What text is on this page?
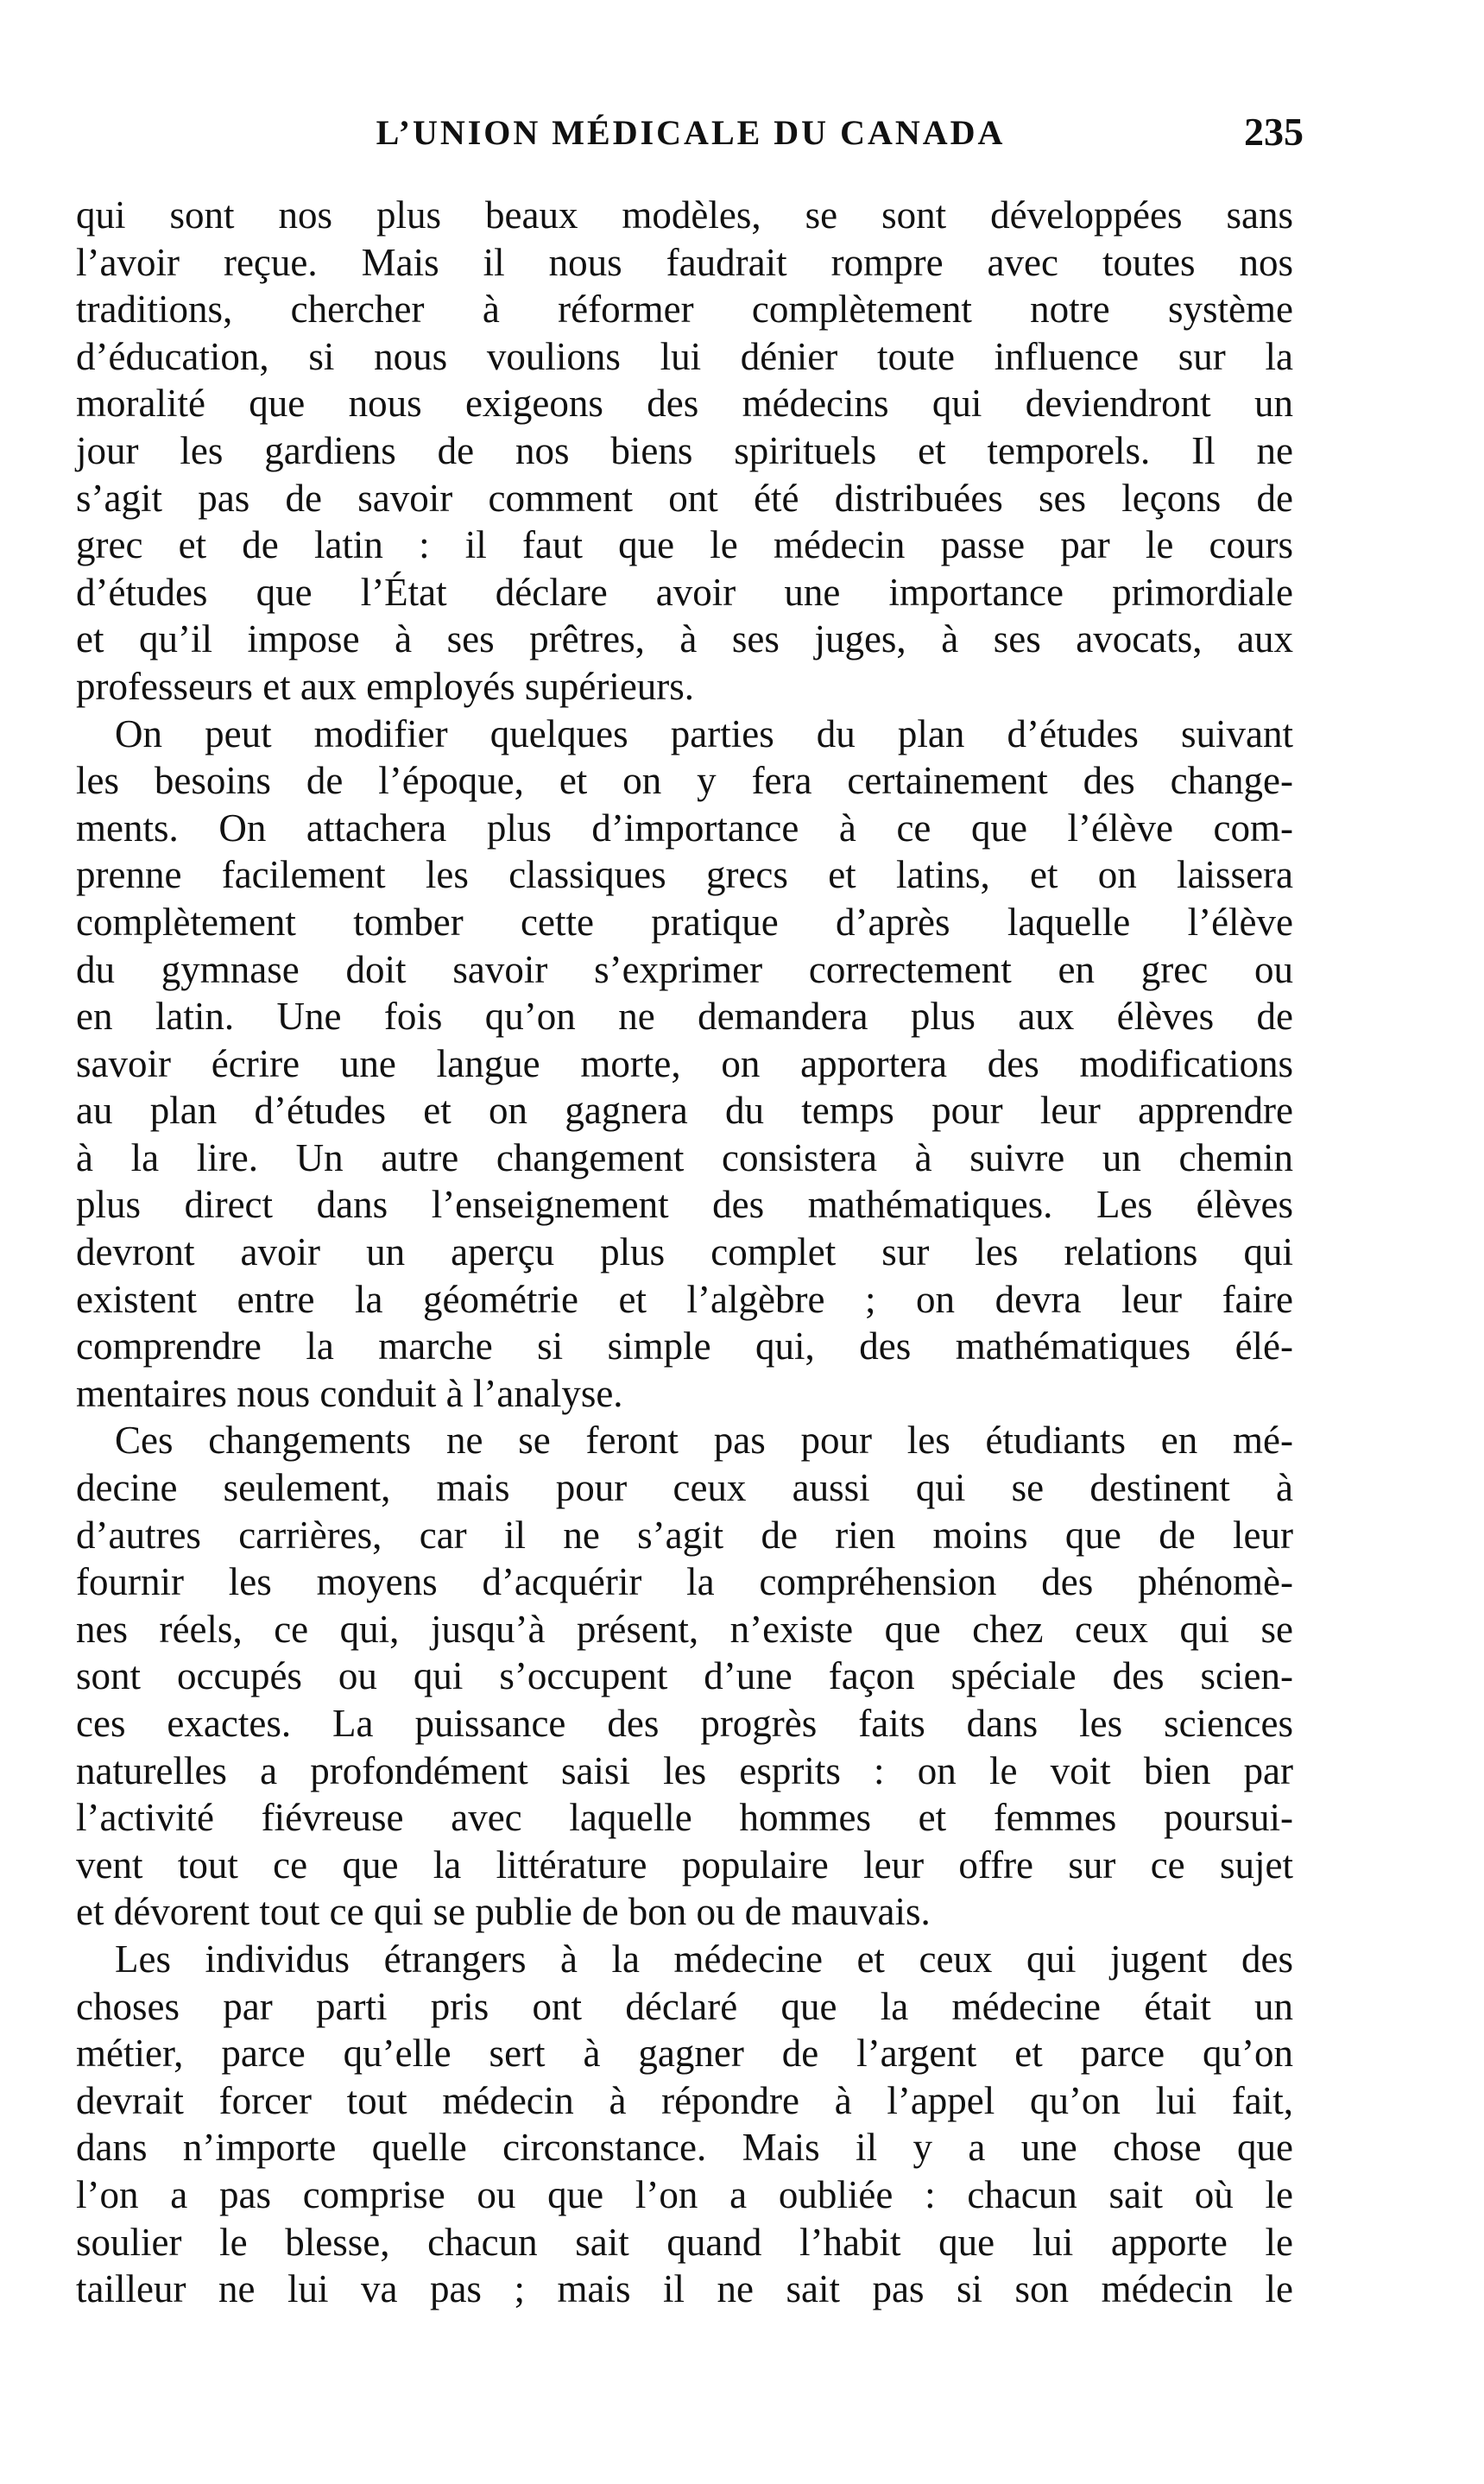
L’UNION MÉDICALE DU CANADA	235

qui sont nos plus beaux modèles, se sont développées sans
l’avoir reçue. Mais il nous faudrait rompre avec toutes nos
traditions, chercher à réformer complètement notre système
d’éducation, si nous voulions lui dénier toute influence sur la
moralité que nous exigeons des médecins qui deviendront un
jour les gardiens de nos biens spirituels et temporels. Il ne
s’agit pas de savoir comment ont été distribuées ses leçons de
grec et de latin : il faut que le médecin passe par le cours
d’études que l’État déclare avoir une importance primordiale
et qu’il impose à ses prêtres, à ses juges, à ses avocats, aux
professeurs et aux employés supérieurs.

On peut modifier quelques parties du plan d’études suivant
les besoins de l’époque, et on y fera certainement des change-
ments. On attachera plus d’importance à ce que l’élève com-
prenne facilement les classiques grecs et latins, et on laissera
complètement tomber cette pratique d’après laquelle l’élève
du gymnase doit savoir s’exprimer correctement en grec ou
en latin. Une fois qu’on ne demandera plus aux élèves de
savoir écrire une langue morte, on apportera des modifications
au plan d’études et on gagnera du temps pour leur apprendre
à la lire. Un autre changement consistera à suivre un chemin
plus direct dans l’enseignement des mathématiques. Les élèves
devront avoir un aperçu plus complet sur les relations qui
existent entre la géométrie et l’algèbre ; on devra leur faire
comprendre la marche si simple qui, des mathématiques élé-
mentaires nous conduit à l’analyse.

Ces changements ne se feront pas pour les étudiants en mé-
decine seulement, mais pour ceux aussi qui se destinent à
d’autres carrières, car il ne s’agit de rien moins que de leur
fournir les moyens d’acquérir la compréhension des phénomè-
nes réels, ce qui, jusqu’à présent, n’existe que chez ceux qui se
sont occupés ou qui s’occupent d’une façon spéciale des scien-
ces exactes. La puissance des progrès faits dans les sciences
naturelles a profondément saisi les esprits : on le voit bien par
l’activité fiévreuse avec laquelle hommes et femmes poursui-
vent tout ce que la littérature populaire leur offre sur ce sujet
et dévorent tout ce qui se publie de bon ou de mauvais.

Les individus étrangers à la médecine et ceux qui jugent des
choses par parti pris ont déclaré que la médecine était un
métier, parce qu’elle sert à gagner de l’argent et parce qu’on
devrait forcer tout médecin à répondre à l’appel qu’on lui fait,
dans n’importe quelle circonstance. Mais il y a une chose que
l’on a pas comprise ou que l’on a oubliée : chacun sait où le
soulier le blesse, chacun sait quand l’habit que lui apporte le
tailleur ne lui va pas ; mais il ne sait pas si son médecin le
